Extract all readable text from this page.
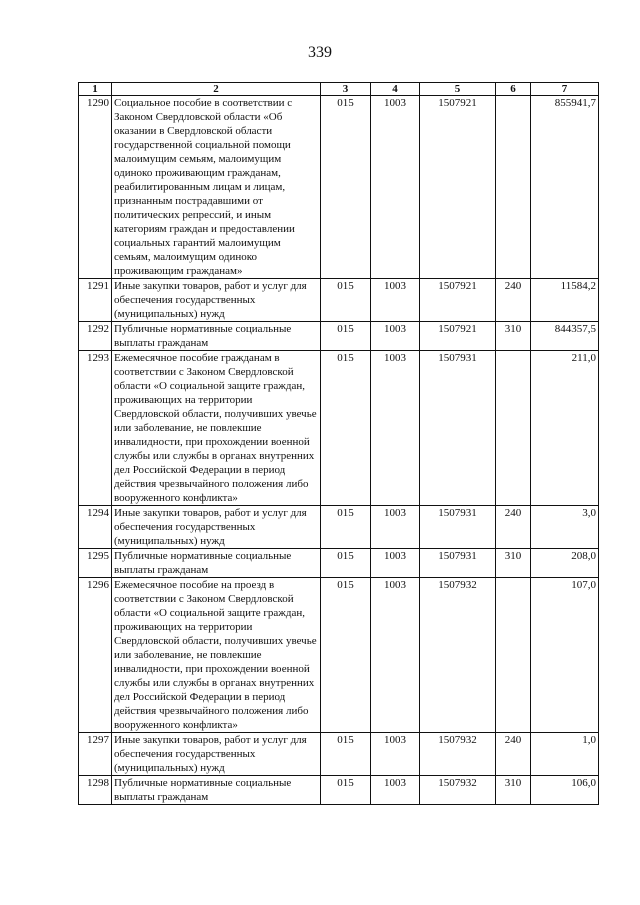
339
1	2	3	4	5	6	7
1290	Социальное пособие в соответствии с Законом Свердловской области «Об оказании в Свердловской области государственной социальной помощи малоимущим семьям, малоимущим одиноко проживающим гражданам, реабилитированным лицам и лицам, признанным пострадавшими от политических репрессий, и иным категориям граждан и предоставлении социальных гарантий малоимущим семьям, малоимущим одиноко проживающим гражданам»	015	1003	1507921		855941,7
1291	Иные закупки товаров, работ и услуг для обеспечения государственных (муниципальных) нужд	015	1003	1507921	240	11584,2
1292	Публичные нормативные социальные выплаты гражданам	015	1003	1507921	310	844357,5
1293	Ежемесячное пособие гражданам в соответствии с Законом Свердловской области «О социальной защите граждан, проживающих на территории Свердловской области, получивших увечье или заболевание, не повлекшие инвалидности, при прохождении военной службы или службы в органах внутренних дел Российской Федерации в период действия чрезвычайного положения либо вооруженного конфликта»	015	1003	1507931		211,0
1294	Иные закупки товаров, работ и услуг для обеспечения государственных (муниципальных) нужд	015	1003	1507931	240	3,0
1295	Публичные нормативные социальные выплаты гражданам	015	1003	1507931	310	208,0
1296	Ежемесячное пособие на проезд в соответствии с Законом Свердловской области «О социальной защите граждан, проживающих на территории Свердловской области, получивших увечье или заболевание, не повлекшие инвалидности, при прохождении военной службы или службы в органах внутренних дел Российской Федерации в период действия чрезвычайного положения либо вооруженного конфликта»	015	1003	1507932		107,0
1297	Иные закупки товаров, работ и услуг для обеспечения государственных (муниципальных) нужд	015	1003	1507932	240	1,0
1298	Публичные нормативные социальные выплаты гражданам	015	1003	1507932	310	106,0
